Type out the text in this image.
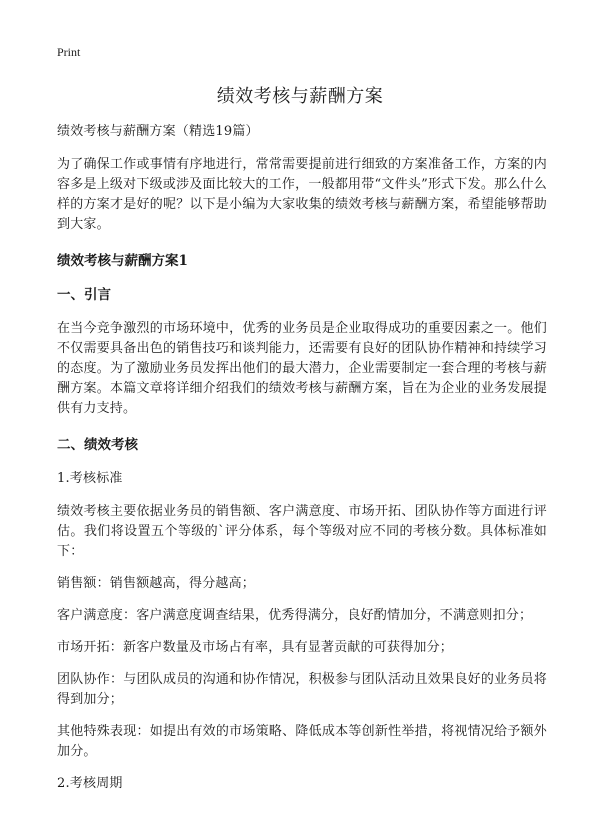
Print
绩效考核与薪酬方案

绩效考核与薪酬方案（精选19篇）

为了确保工作或事情有序地进行，常常需要提前进行细致的方案准备工作，方案的内容多是上级对下级或涉及面比较大的工作，一般都用带“文件头”形式下发。那么什么样的方案才是好的呢？以下是小编为大家收集的绩效考核与薪酬方案，希望能够帮助到大家。

绩效考核与薪酬方案1

一、引言

在当今竞争激烈的市场环境中，优秀的业务员是企业取得成功的重要因素之一。他们不仅需要具备出色的销售技巧和谈判能力，还需要有良好的团队协作精神和持续学习的态度。为了激励业务员发挥出他们的最大潜力，企业需要制定一套合理的考核与薪酬方案。本篇文章将详细介绍我们的绩效考核与薪酬方案，旨在为企业的业务发展提供有力支持。

二、绩效考核

1.考核标准

绩效考核主要依据业务员的销售额、客户满意度、市场开拓、团队协作等方面进行评估。我们将设置五个等级的`评分体系，每个等级对应不同的考核分数。具体标准如下：

销售额：销售额越高，得分越高；

客户满意度：客户满意度调查结果，优秀得满分，良好酌情加分，不满意则扣分；

市场开拓：新客户数量及市场占有率，具有显著贡献的可获得加分；

团队协作：与团队成员的沟通和协作情况，积极参与团队活动且效果良好的业务员将得到加分；

其他特殊表现：如提出有效的市场策略、降低成本等创新性举措，将视情况给予额外加分。

2.考核周期
